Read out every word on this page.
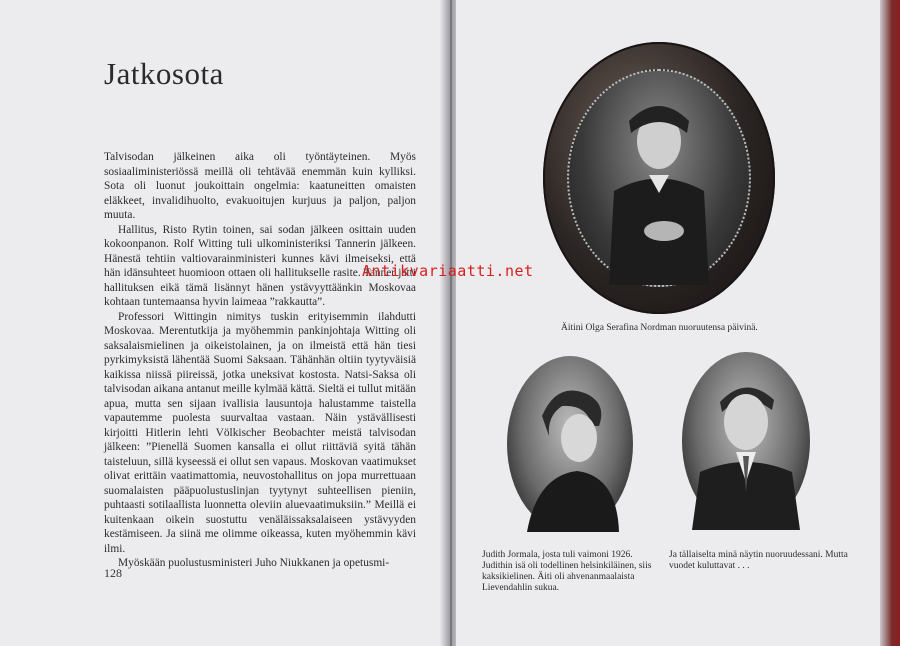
Jatkosota

Talvisodan jälkeinen aika oli työntäyteinen. Myös sosiaaliministeriössä meillä oli tehtävää enemmän kuin kylliksi. Sota oli luonut joukoittain ongelmia: kaatuneitten omaisten eläkkeet, invalidihuolto, evakuoitujen kurjuus ja paljon, paljon muuta.

Hallitus, Risto Rytin toinen, sai sodan jälkeen osittain uuden kokoonpanon. Rolf Witting tuli ulkoministeriksi Tannerin jälkeen. Hänestä tehtiin valtiovarainministeri kunnes kävi ilmeiseksi, että hän idänsuhteet huomioon ottaen oli hallitukselle rasite. Tanner jätti hallituksen eikä tämä lisännyt hänen ystävyyttäänkin Moskovaa kohtaan tuntemaansa hyvin laimeaa ”rakkautta”.

Professori Wittingin nimitys tuskin erityisemmin ilahdutti Moskovaa. Merentutkija ja myöhemmin pankinjohtaja Witting oli saksalaismielinen ja oikeistolainen, ja on ilmeistä että hän tiesi pyrkimyksistä lähentää Suomi Saksaan. Tähänhän oltiin tyytyväisiä kaikissa niissä piireissä, jotka uneksivat kostosta. Natsi-Saksa oli talvisodan aikana antanut meille kylmää kättä. Sieltä ei tullut mitään apua, mutta sen sijaan ivallisia lausuntoja halustamme taistella vapautemme puolesta suurvaltaa vastaan. Näin ystävällisesti kirjoitti Hitlerin lehti Völkischer Beobachter meistä talvisodan jälkeen: ”Pienellä Suomen kansalla ei ollut riittäviä syitä tähän taisteluun, sillä kyseessä ei ollut sen vapaus. Moskovan vaatimukset olivat erittäin vaatimattomia, neuvostohallitus on jopa murrettuaan suomalaisten pääpuolustuslinjan tyytynyt suhteellisen pieniin, puhtaasti sotilaallista luonnetta oleviin aluevaatimuksiin.” Meillä ei kuitenkaan oikein suostuttu venäläissaksalaiseen ystävyyden kestämiseen. Ja siinä me olimme oikeassa, kuten myöhemmin kävi ilmi.

Myöskään puolustusministeri Juho Niukkanen ja opetusmi-

128
Äitini Olga Serafina Nordman nuoruutensa päivinä.
Judith Jormala, josta tuli vaimoni 1926. Judithin isä oli todellinen helsinkiläinen, siis kaksikielinen. Äiti oli ahvenanmaalaista Lievendahlin sukua.
Ja tällaiselta minä näytin nuoruudessani. Mutta vuodet kuluttavat . . .
Antikvariaatti.net
